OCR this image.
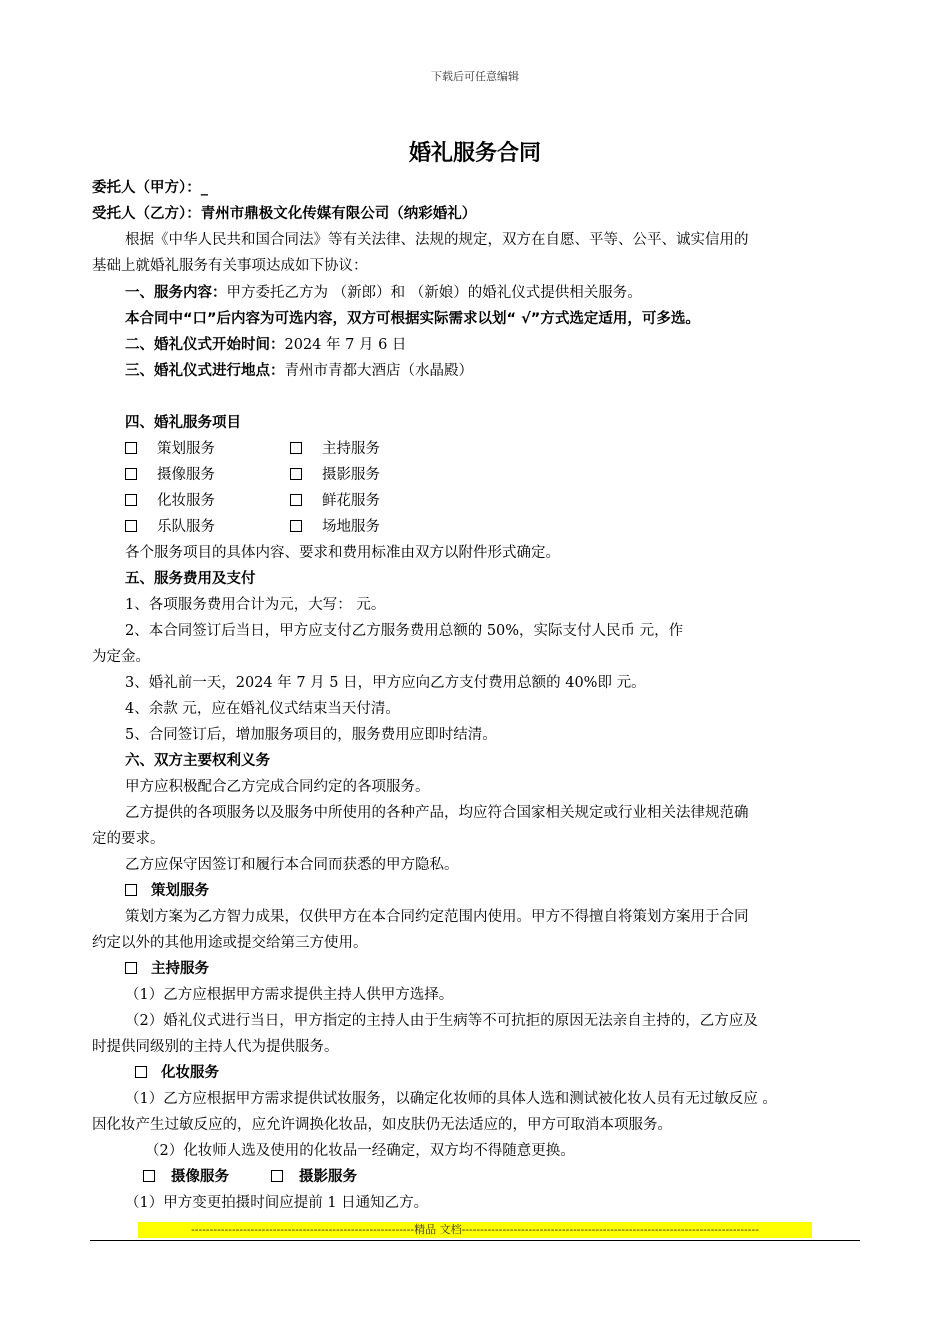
下载后可任意编辑
婚礼服务合同
委托人（甲方）：_
受托人（乙方）：青州市鼎极文化传媒有限公司（纳彩婚礼）
根据《中华人民共和国合同法》等有关法律、法规的规定，双方在自愿、平等、公平、诚实信用的
基础上就婚礼服务有关事项达成如下协议：
一、服务内容：甲方委托乙方为 （新郎）和 （新娘）的婚礼仪式提供相关服务。
本合同中“口”后内容为可选内容，双方可根据实际需求以划“ √”方式选定适用，可多选。
二、婚礼仪式开始时间：2024 年 7 月 6 日
三、婚礼仪式进行地点：青州市青都大酒店（水晶殿）
四、婚礼服务项目
策划服务	主持服务
摄像服务	摄影服务
化妆服务	鲜花服务
乐队服务	场地服务
各个服务项目的具体内容、要求和费用标准由双方以附件形式确定。
五、服务费用及支付
1、各项服务费用合计为元，大写： 元。
2、本合同签订后当日，甲方应支付乙方服务费用总额的 50%，实际支付人民币 元，作
为定金。
3、婚礼前一天，2024 年 7 月 5 日，甲方应向乙方支付费用总额的 40%即 元。
4、余款 元，应在婚礼仪式结束当天付清。
5、合同签订后，增加服务项目的，服务费用应即时结清。
六、双方主要权利义务
甲方应积极配合乙方完成合同约定的各项服务。
乙方提供的各项服务以及服务中所使用的各种产品，均应符合国家相关规定或行业相关法律规范确
定的要求。
乙方应保守因签订和履行本合同而获悉的甲方隐私。
策划服务
策划方案为乙方智力成果，仅供甲方在本合同约定范围内使用。甲方不得擅自将策划方案用于合同
约定以外的其他用途或提交给第三方使用。
主持服务
（1）乙方应根据甲方需求提供主持人供甲方选择。
（2）婚礼仪式进行当日，甲方指定的主持人由于生病等不可抗拒的原因无法亲自主持的，乙方应及
时提供同级别的主持人代为提供服务。
化妆服务
（1）乙方应根据甲方需求提供试妆服务，以确定化妆师的具体人选和测试被化妆人员有无过敏反应 。
因化妆产生过敏反应的，应允许调换化妆品，如皮肤仍无法适应的，甲方可取消本项服务。
（2）化妆师人选及使用的化妆品一经确定，双方均不得随意更换。
摄像服务	摄影服务
（1）甲方变更拍摄时间应提前 1 日通知乙方。
------------------------------------------------------------精品 文档--------------------------------------------------------------------------------
